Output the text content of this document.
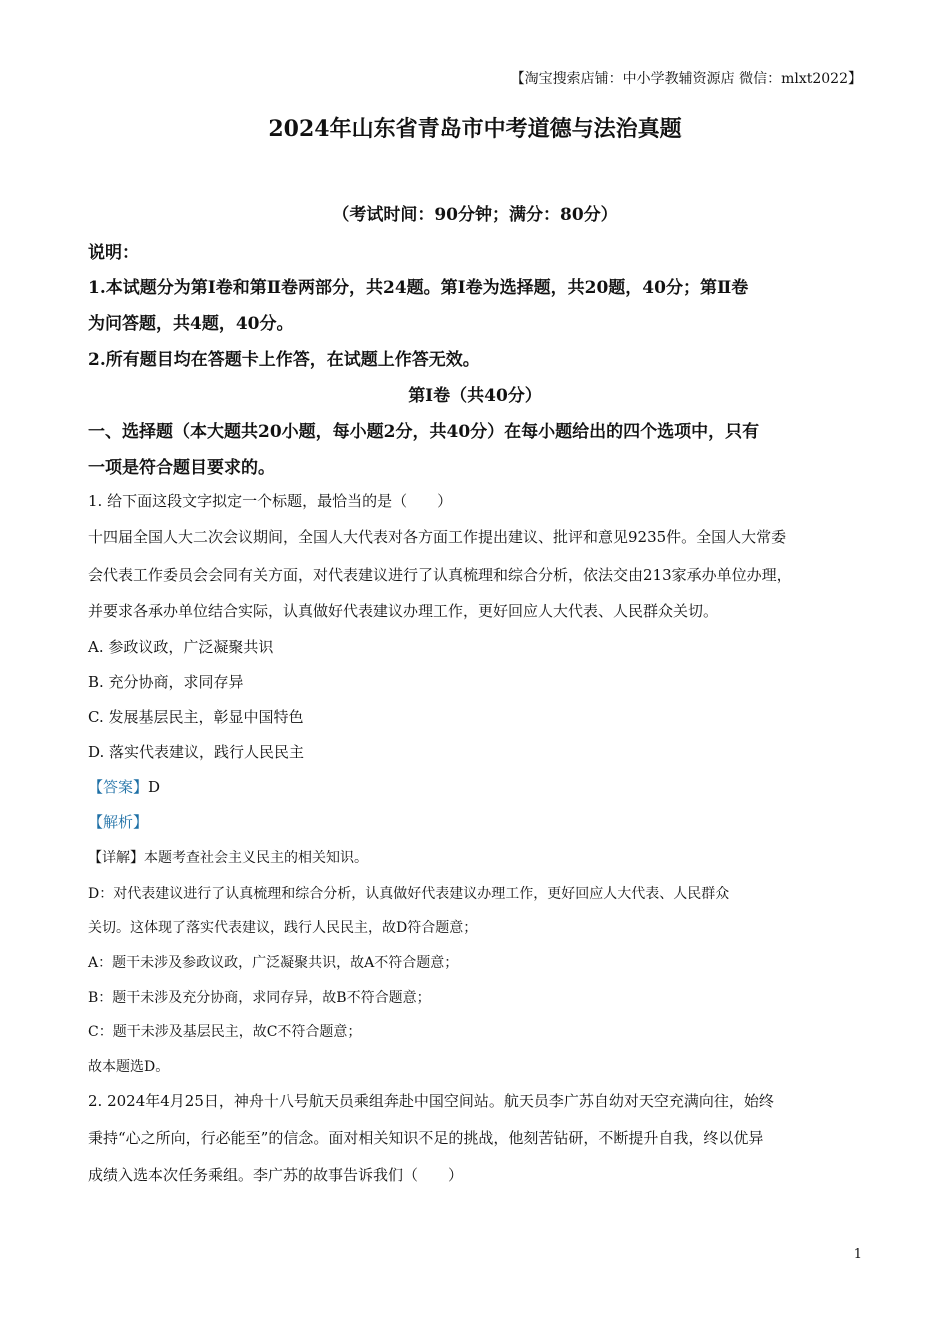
【淘宝搜索店铺：中小学教辅资源店 微信：mlxt2022】
2024年山东省青岛市中考道德与法治真题
（考试时间：90分钟；满分：80分）
说明：
1.本试题分为第Ⅰ卷和第Ⅱ卷两部分，共24题。第Ⅰ卷为选择题，共20题，40分；第Ⅱ卷
为问答题，共4题，40分。
2.所有题目均在答题卡上作答，在试题上作答无效。
第Ⅰ卷（共40分）
一、选择题（本大题共20小题，每小题2分，共40分）在每小题给出的四个选项中，只有
一项是符合题目要求的。
1. 给下面这段文字拟定一个标题，最恰当的是（　　）
十四届全国人大二次会议期间，全国人大代表对各方面工作提出建议、批评和意见9235件。全国人大常委
会代表工作委员会会同有关方面，对代表建议进行了认真梳理和综合分析，依法交由213家承办单位办理，
并要求各承办单位结合实际，认真做好代表建议办理工作，更好回应人大代表、人民群众关切。
A. 参政议政，广泛凝聚共识
B. 充分协商，求同存异
C. 发展基层民主，彰显中国特色
D. 落实代表建议，践行人民民主
【答案】D
【解析】
【详解】本题考查社会主义民主的相关知识。
D：对代表建议进行了认真梳理和综合分析，认真做好代表建议办理工作，更好回应人大代表、人民群众
关切。这体现了落实代表建议，践行人民民主，故D符合题意；
A：题干未涉及参政议政，广泛凝聚共识，故A不符合题意；
B：题干未涉及充分协商，求同存异，故B不符合题意；
C：题干未涉及基层民主，故C不符合题意；
故本题选D。
2. 2024年4月25日，神舟十八号航天员乘组奔赴中国空间站。航天员李广苏自幼对天空充满向往，始终
秉持“心之所向，行必能至”的信念。面对相关知识不足的挑战，他刻苦钻研，不断提升自我，终以优异
成绩入选本次任务乘组。李广苏的故事告诉我们（　　）
1
